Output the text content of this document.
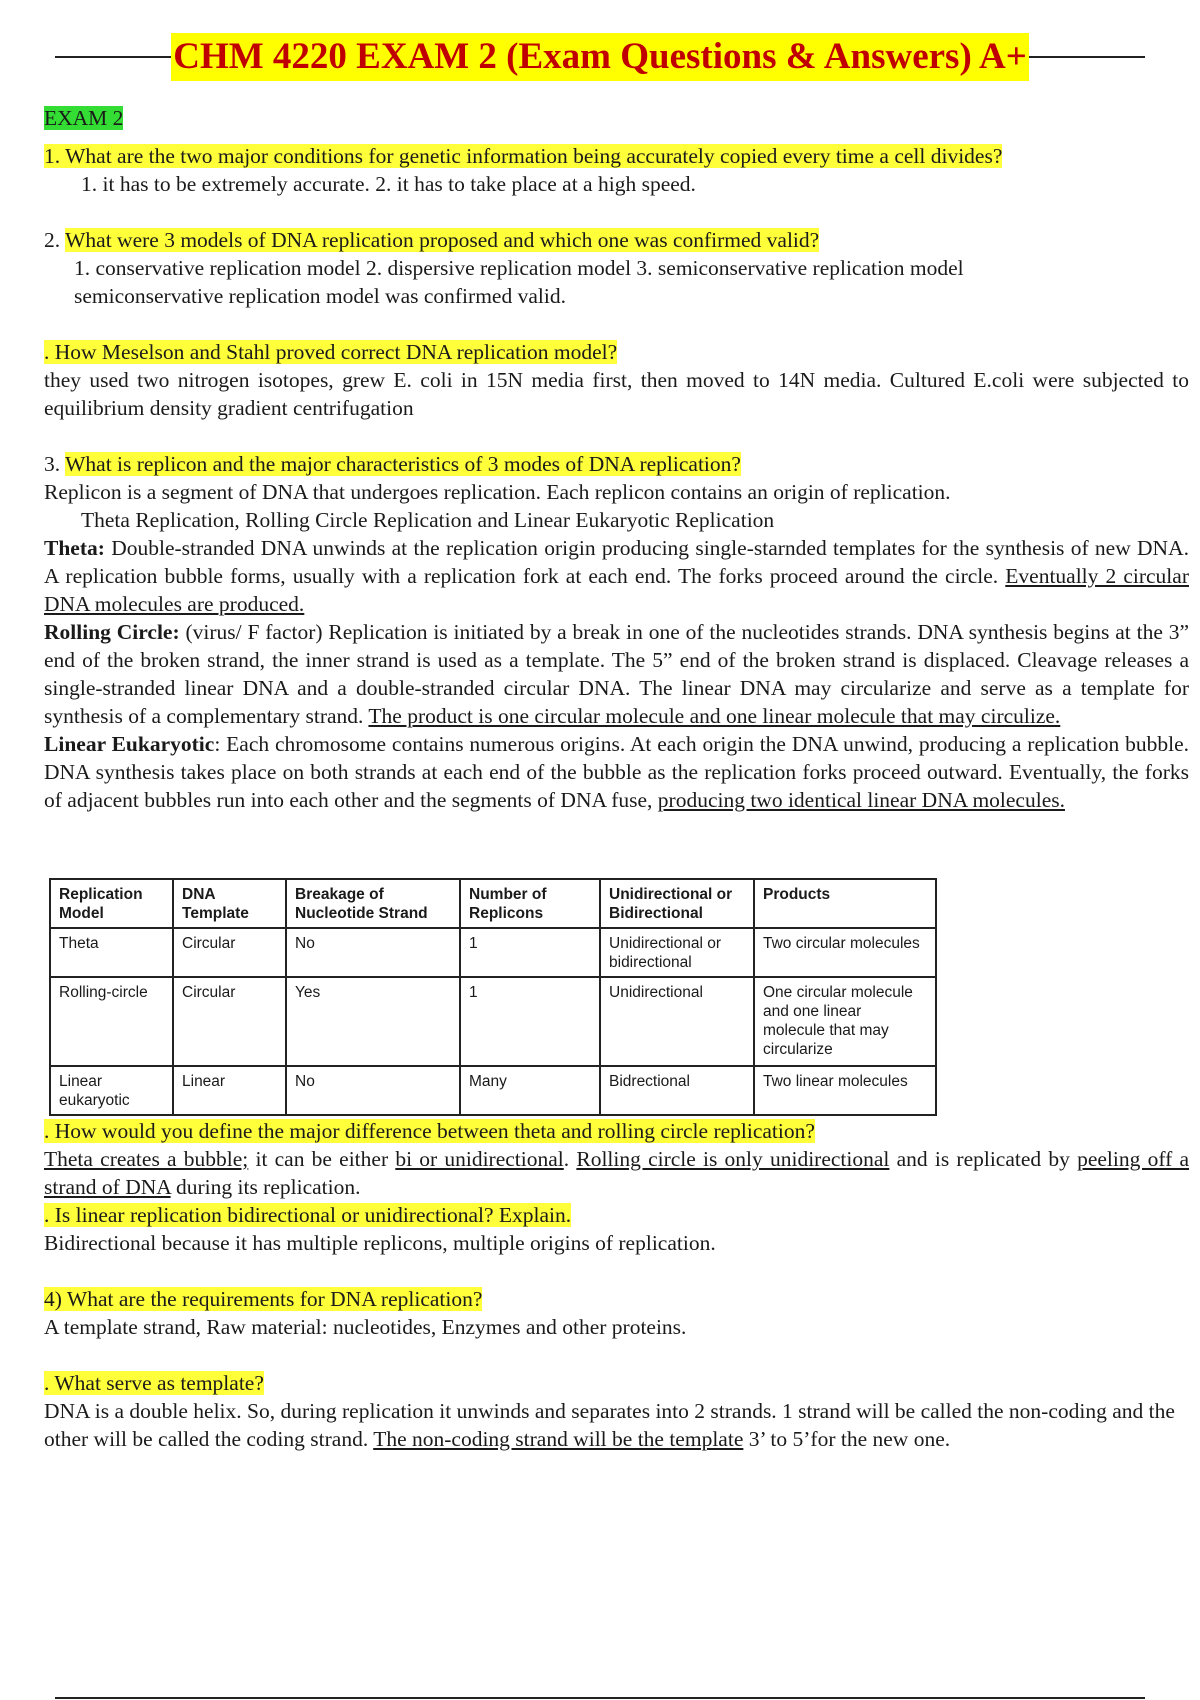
CHM 4220 EXAM 2 (Exam Questions & Answers) A+
EXAM 2
1. What are the two major conditions for genetic information being accurately copied every time a cell divides?
1. it has to be extremely accurate. 2. it has to take place at a high speed.
2. What were 3 models of DNA replication proposed and which one was confirmed valid?
1. conservative replication model 2. dispersive replication model 3. semiconservative replication model
semiconservative replication model was confirmed valid.
. How Meselson and Stahl proved correct DNA replication model?
they used two nitrogen isotopes, grew E. coli in 15N media first, then moved to 14N media. Cultured E.coli were subjected to equilibrium density gradient centrifugation
3. What is replicon and the major characteristics of 3 modes of DNA replication?
Replicon is a segment of DNA that undergoes replication. Each replicon contains an origin of replication.
Theta Replication, Rolling Circle Replication and Linear Eukaryotic Replication
Theta: Double-stranded DNA unwinds at the replication origin producing single-starnded templates for the synthesis of new DNA. A replication bubble forms, usually with a replication fork at each end. The forks proceed around the circle. Eventually 2 circular DNA molecules are produced.
Rolling Circle: (virus/ F factor) Replication is initiated by a break in one of the nucleotides strands. DNA synthesis begins at the 3” end of the broken strand, the inner strand is used as a template. The 5” end of the broken strand is displaced. Cleavage releases a single-stranded linear DNA and a double-stranded circular DNA. The linear DNA may circularize and serve as a template for synthesis of a complementary strand. The product is one circular molecule and one linear molecule that may circulize.
Linear Eukaryotic: Each chromosome contains numerous origins. At each origin the DNA unwind, producing a replication bubble. DNA synthesis takes place on both strands at each end of the bubble as the replication forks proceed outward. Eventually, the forks of adjacent bubbles run into each other and the segments of DNA fuse, producing two identical linear DNA molecules.
Replication Model	DNA Template	Breakage of Nucleotide Strand	Number of Replicons	Unidirectional or Bidirectional	Products
Theta	Circular	No	1	Unidirectional or bidirectional	Two circular molecules
Rolling-circle	Circular	Yes	1	Unidirectional	One circular molecule and one linear molecule that may circularize
Linear eukaryotic	Linear	No	Many	Bidrectional	Two linear molecules
. How would you define the major difference between theta and rolling circle replication?
Theta creates a bubble; it can be either bi or unidirectional. Rolling circle is only unidirectional and is replicated by peeling off a strand of DNA during its replication.
. Is linear replication bidirectional or unidirectional? Explain.
Bidirectional because it has multiple replicons, multiple origins of replication.
4) What are the requirements for DNA replication?
A template strand, Raw material: nucleotides, Enzymes and other proteins.
. What serve as template?
DNA is a double helix. So, during replication it unwinds and separates into 2 strands. 1 strand will be called the non-coding and the other will be called the coding strand. The non-coding strand will be the template 3’ to 5’for the new one.
